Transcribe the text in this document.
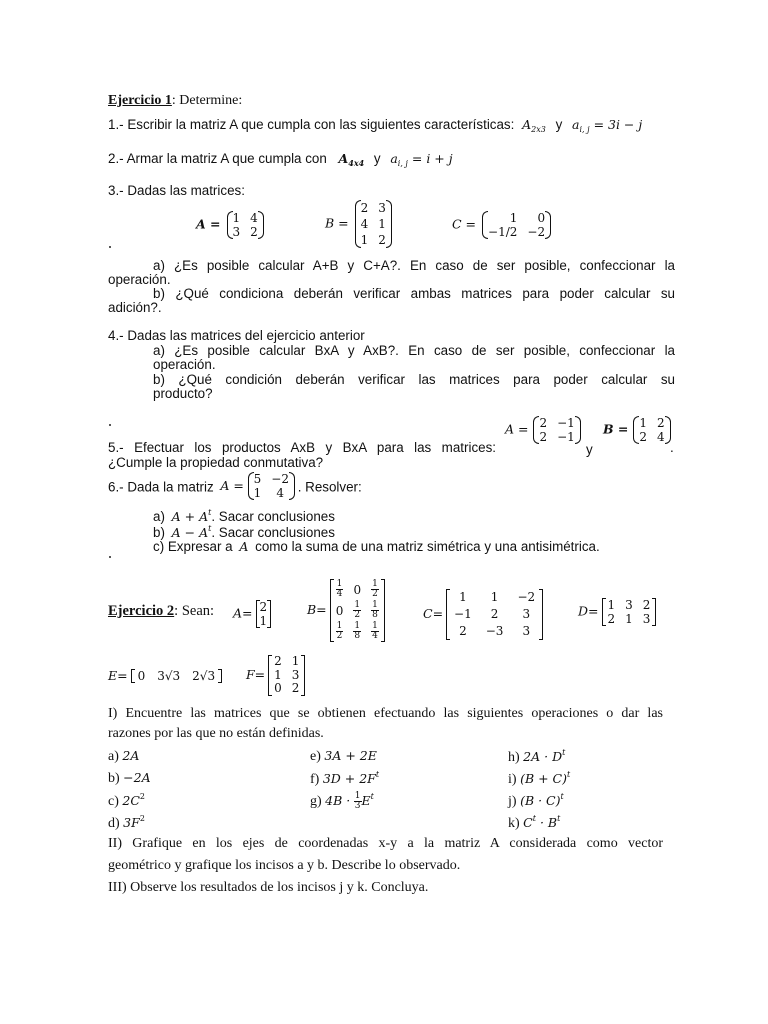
Ejercicio 1: Determine:
1.- Escribir la matriz A que cumpla con las siguientes características: $A_{2x3}$ y $a_{i, j} = 3i - j$
2.- Armar la matriz A que cumpla con $A_{4x4}$ y $a_{i, j} = i + j$
3.- Dadas las matrices:
A = 1	4
3	2
B =
2	3
4	1
1	2
C =	1	0
−1/2	−2
a) ¿Es posible calcular A+B y C+A?. En caso de ser posible, confeccionar la
operación.
b) ¿Qué condiciona deberán verificar ambas matrices para poder calcular su
adición?.
4.- Dadas las matrices del ejercicio anterior
a) ¿Es posible calcular BxA y AxB?. En caso de ser posible, confeccionar la
operación.
b) ¿Qué condición deberán verificar las matrices para poder calcular su
producto?
5.- Efectuar los productos AxB y BxA para las matrices:
¿Cumple la propiedad conmutativa?
A = 2	−1
2	−1
y
B = 1	2
2	4
.
6.- Dada la matriz A = 5	−2
1	4 . Resolver:
a) $A + A^t$. Sacar conclusiones
b) $A - A^t$. Sacar conclusiones
c) Expresar a A como la suma de una matriz simétrica y una antisimétrica.
Ejercicio 2: Sean: A= 2
1
B=
$\frac{1}{4}$	0	$\frac{1}{2}$

0	$\frac{1}{2}$	$\frac{1}{8}$

$\frac{1}{2}$	$\frac{1}{8}$	$\frac{1}{4}$
C=
1	1	−2
−1	2	3
2	−3	3
D= 1	3	2
2	1	3
E= 0	3√3	2√3 F=
2	1
1	3
0	2
I) Encuentre las matrices que se obtienen efectuando las siguientes operaciones o dar las
razones por las que no están definidas.
a) 2A
b) −2A
c) $2C^2$
d) $3F^2$
e) 3A + 2E
f) $3D + 2F^t$
g) $4B \cdot \frac{1}{3} E^t$
h) $2A \cdot D^t$
i) $(B + C)^t$
j) $(B \cdot C)^t$
k) $C^t \cdot B^t$
II) Grafique en los ejes de coordenadas x-y a la matriz A considerada como vector
geométrico y grafique los incisos a y b. Describe lo observado.
III) Observe los resultados de los incisos j y k. Concluya.
